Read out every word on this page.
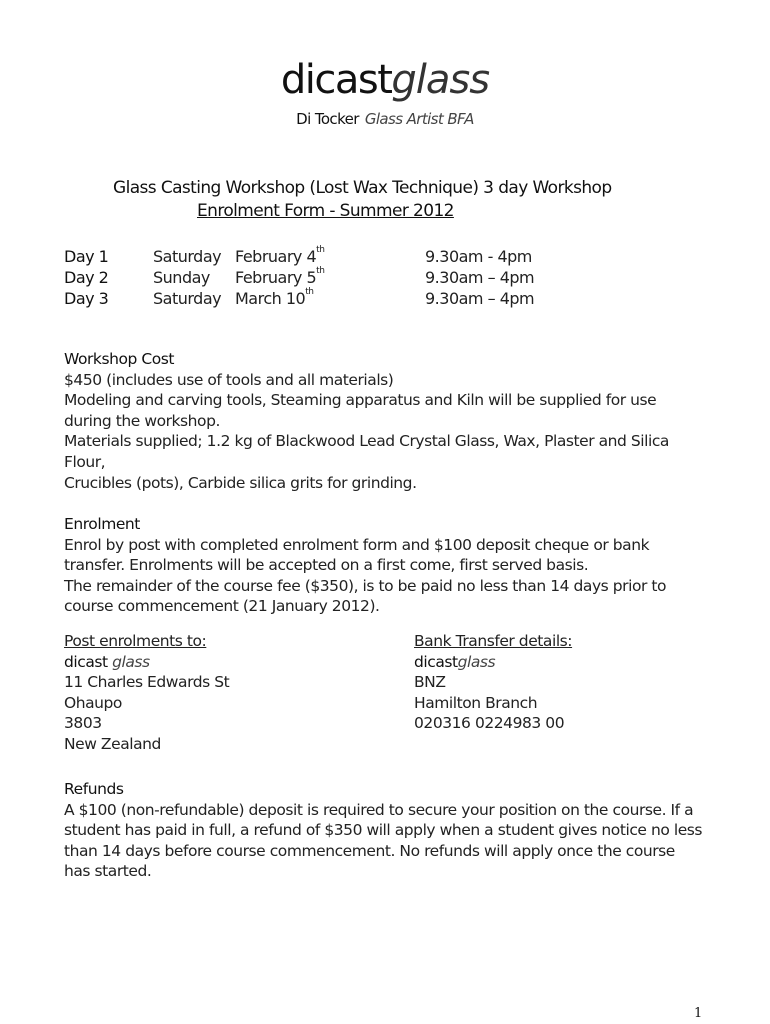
dicastglass
Di Tocker Glass Artist BFA
Glass Casting Workshop (Lost Wax Technique) 3 day Workshop
Enrolment Form - Summer 2012
Day 1	Saturday February 4th	9.30am - 4pm
Day 2	Sunday February 5th	9.30am – 4pm
Day 3	Saturday March 10th	9.30am – 4pm
Workshop Cost
$450 (includes use of tools and all materials)
Modeling and carving tools, Steaming apparatus and Kiln will be supplied for use
during the workshop.
Materials supplied; 1.2 kg of Blackwood Lead Crystal Glass, Wax, Plaster and Silica Flour,
Crucibles (pots), Carbide silica grits for grinding.
Enrolment
Enrol by post with completed enrolment form and $100 deposit cheque or bank
transfer. Enrolments will be accepted on a first come, first served basis.
The remainder of the course fee ($350), is to be paid no less than 14 days prior to
course commencement (21 January 2012).
Post enrolments to:
dicast glass
11 Charles Edwards St
Ohaupo
3803
New Zealand
Bank Transfer details:
dicastglass
BNZ
Hamilton Branch
020316 0224983 00
Refunds
A $100 (non-refundable) deposit is required to secure your position on the course. If a
student has paid in full, a refund of $350 will apply when a student gives notice no less
than 14 days before course commencement. No refunds will apply once the course
has started.
1
